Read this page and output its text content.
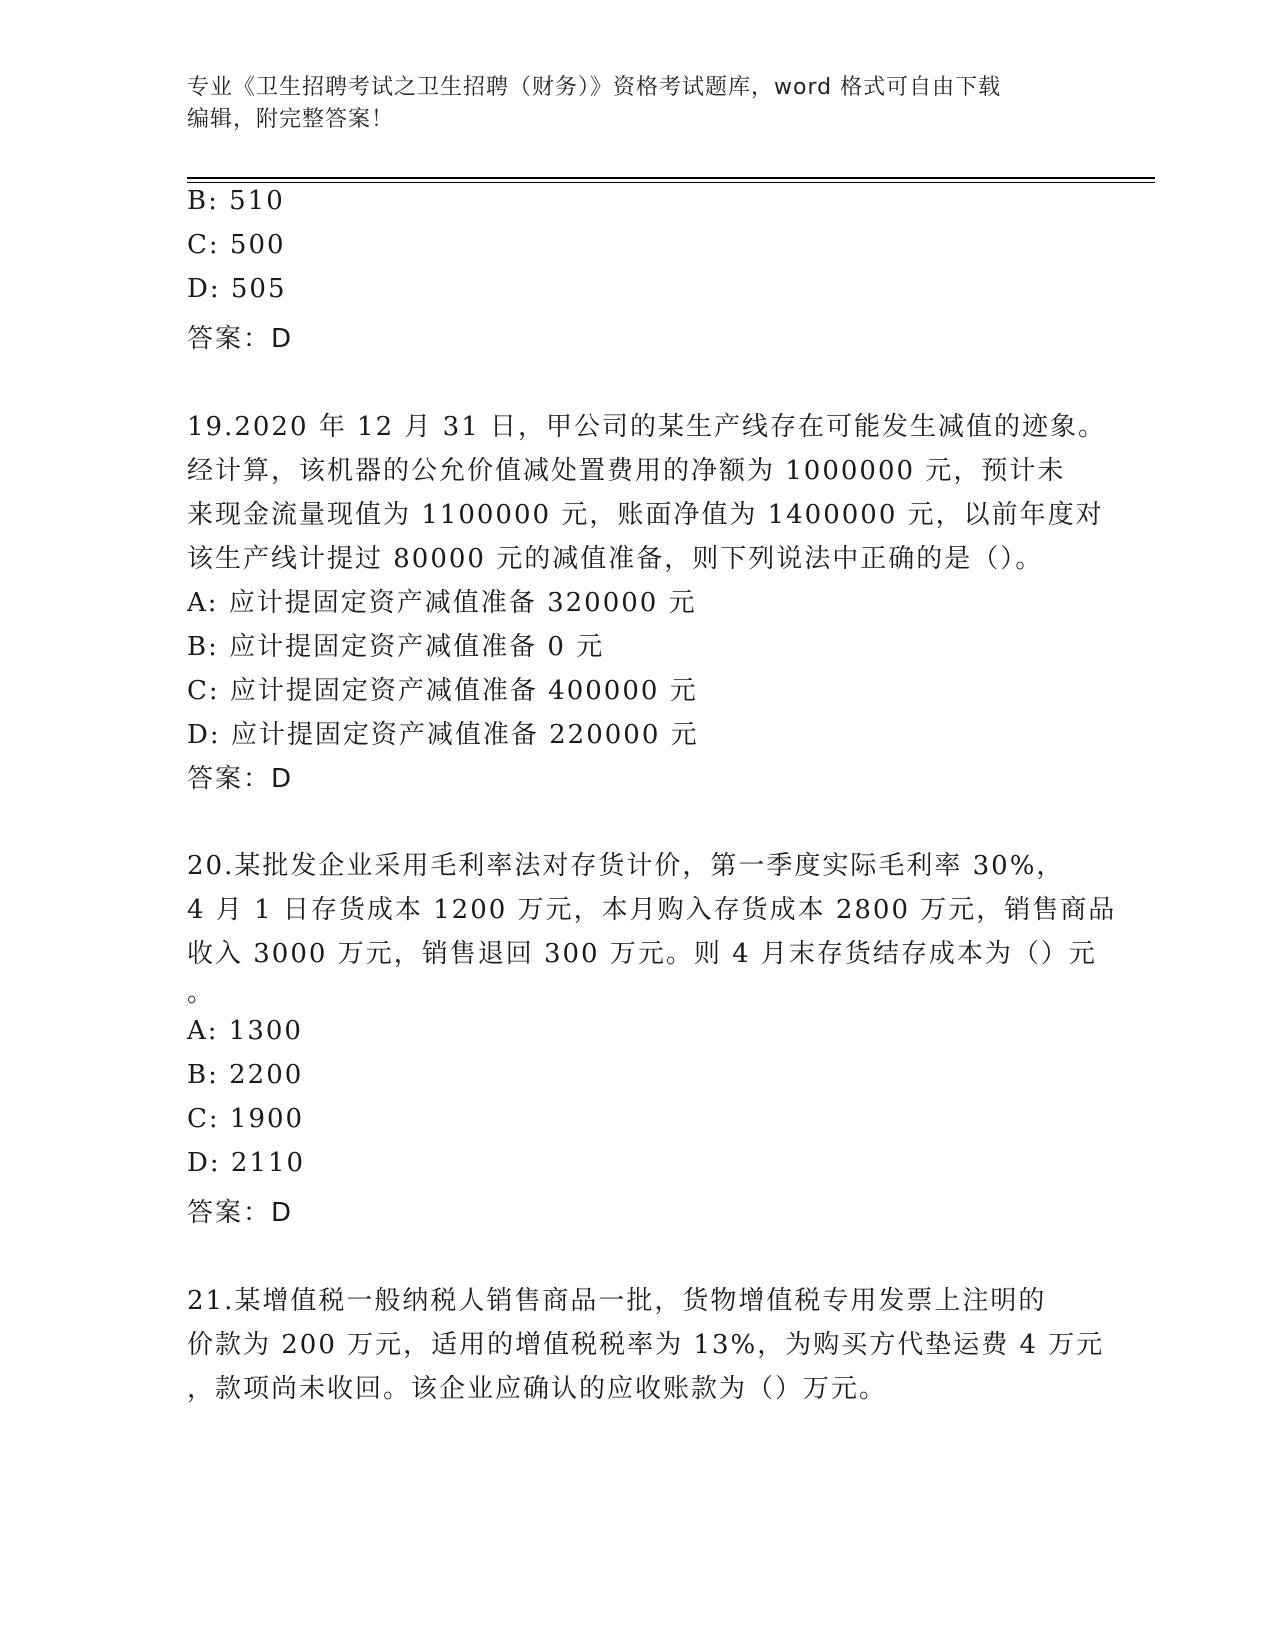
专业《卫生招聘考试之卫生招聘（财务）》资格考试题库，word 格式可自由下载
编辑，附完整答案！
B: 510
C: 500
D: 505
答案：D
19.2020 年 12 月 31 日，甲公司的某生产线存在可能发生减值的迹象。
经计算，该机器的公允价值减处置费用的净额为 1000000 元，预计未
来现金流量现值为 1100000 元，账面净值为 1400000 元，以前年度对
该生产线计提过 80000 元的减值准备，则下列说法中正确的是（）。
A: 应计提固定资产减值准备 320000 元
B: 应计提固定资产减值准备 0 元
C: 应计提固定资产减值准备 400000 元
D: 应计提固定资产减值准备 220000 元
答案：D
20.某批发企业采用毛利率法对存货计价，第一季度实际毛利率 30%，
4 月 1 日存货成本 1200 万元，本月购入存货成本 2800 万元，销售商品
收入 3000 万元，销售退回 300 万元。则 4 月末存货结存成本为（）元
。
A: 1300
B: 2200
C: 1900
D: 2110
答案：D
21.某增值税一般纳税人销售商品一批，货物增值税专用发票上注明的
价款为 200 万元，适用的增值税税率为 13%，为购买方代垫运费 4 万元
，款项尚未收回。该企业应确认的应收账款为（）万元。
